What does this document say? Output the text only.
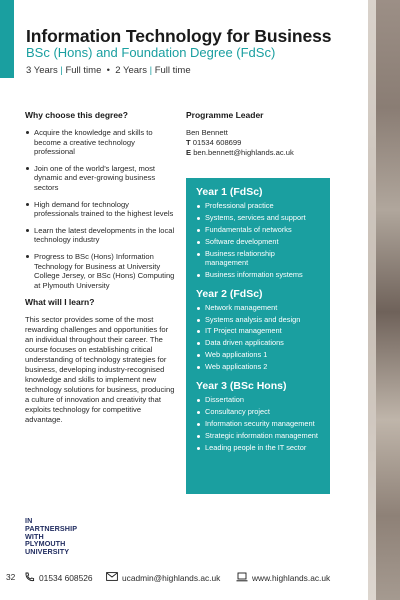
Information Technology for Business
BSc (Hons) and Foundation Degree (FdSc)
3 Years | Full time  •  2 Years | Full time
Why choose this degree?
Acquire the knowledge and skills to become a creative technology professional
Join one of the world’s largest, most dynamic and ever-growing business sectors
High demand for technology professionals trained to the highest levels
Learn the latest developments in the local technology industry
Progress to BSc (Hons) Information Technology for Business at University College Jersey, or BSc (Hons) Computing at Plymouth University
What will I learn?

This sector provides some of the most rewarding challenges and opportunities for an individual throughout their career. The course focuses on establishing critical understanding of technology strategies for business, developing industry-recognised knowledge and skills to implement new technology solutions for business, producing a culture of innovation and creativity that exploits technology for competitive advantage.

Programme Leader
Ben Bennett
T 01534 608699
E ben.bennett@highlands.ac.uk
Year 1 (FdSc)
Professional practice
Systems, services and support
Fundamentals of networks
Software development
Business relationship management
Business information systems
Year 2 (FdSc)
Network management
Systems analysis and design
IT Project management
Data driven applications
Web applications 1
Web applications 2
Year 3 (BSc Hons)
Dissertation
Consultancy project
Information security management
Strategic information management
Leading people in the IT sector
IN
PARTNERSHIP
WITH
PLYMOUTH
UNIVERSITY
32	01534 608526	ucadmin@highlands.ac.uk	www.highlands.ac.uk
